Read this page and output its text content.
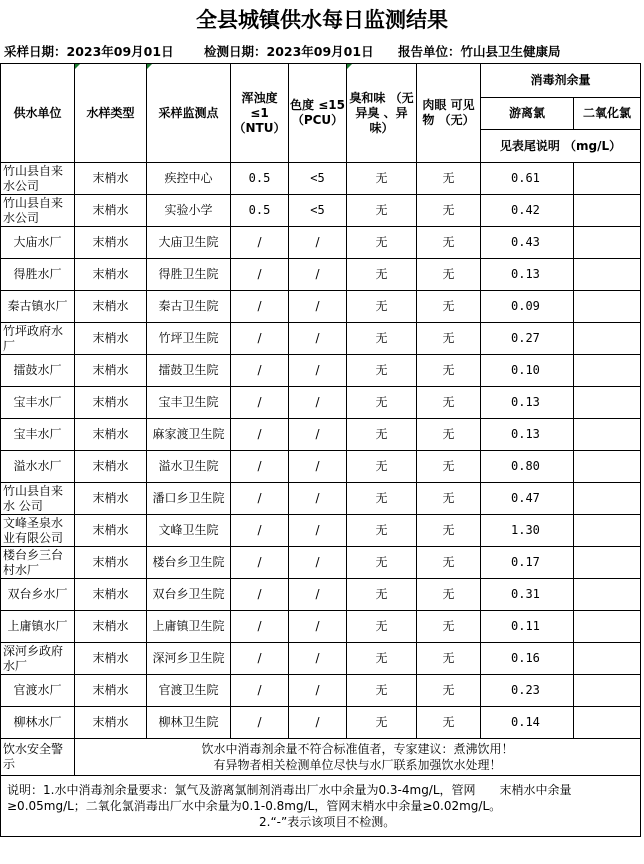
全县城镇供水每日监测结果
采样日期：2023年09月01日 检测日期：2023年09月01日 报告单位：竹山县卫生健康局
供水单位	水样类型	采样监测点	浑浊度 ≤1 （NTU）	色度 ≤15 （PCU）	臭和味 （无异臭 、异味）	肉眼 可见物 （无）	消毒剂余量	
							游离氯	二氧化氯
							见表尾说明 （mg/L）	
竹山县自来水公司	末梢水	疾控中心	0.5	<5	无	无	0.61	
竹山县自来水公司	末梢水	实验小学	0.5	<5	无	无	0.42	
大庙水厂	末梢水	大庙卫生院	/	/	无	无	0.43	
得胜水厂	末梢水	得胜卫生院	/	/	无	无	0.13	
秦古镇水厂	末梢水	秦古卫生院	/	/	无	无	0.09	
竹坪政府水厂	末梢水	竹坪卫生院	/	/	无	无	0.27	
擂鼓水厂	末梢水	擂鼓卫生院	/	/	无	无	0.10	
宝丰水厂	末梢水	宝丰卫生院	/	/	无	无	0.13	
宝丰水厂	末梢水	麻家渡卫生院	/	/	无	无	0.13	
溢水水厂	末梢水	溢水卫生院	/	/	无	无	0.80	
竹山县自来水 公司	末梢水	潘口乡卫生院	/	/	无	无	0.47	
文峰圣泉水业有限公司	末梢水	文峰卫生院	/	/	无	无	1.30	
楼台乡三台村水厂	末梢水	楼台乡卫生院	/	/	无	无	0.17	
双台乡水厂	末梢水	双台乡卫生院	/	/	无	无	0.31	
上庸镇水厂	末梢水	上庸镇卫生院	/	/	无	无	0.11	
深河乡政府水厂	末梢水	深河乡卫生院	/	/	无	无	0.16	
官渡水厂	末梢水	官渡卫生院	/	/	无	无	0.23	
柳林水厂	末梢水	柳林卫生院	/	/	无	无	0.14	
饮水安全警示	饮水中消毒剂余量不符合标准值者，专家建议：煮沸饮用！
有异物者相关检测单位尽快与水厂联系加强饮水处理！							

说明：1.水中消毒剂余量要求：氯气及游离氯制剂消毒出厂水中余量为0.3-4mg/L，管网　　末梢水中余量≥0.05mg/L；二氧化氯消毒出厂水中余量为0.1-0.8mg/L，管网末梢水中余量≥0.02mg/L。
2.“-”表示该项目不检测。								
